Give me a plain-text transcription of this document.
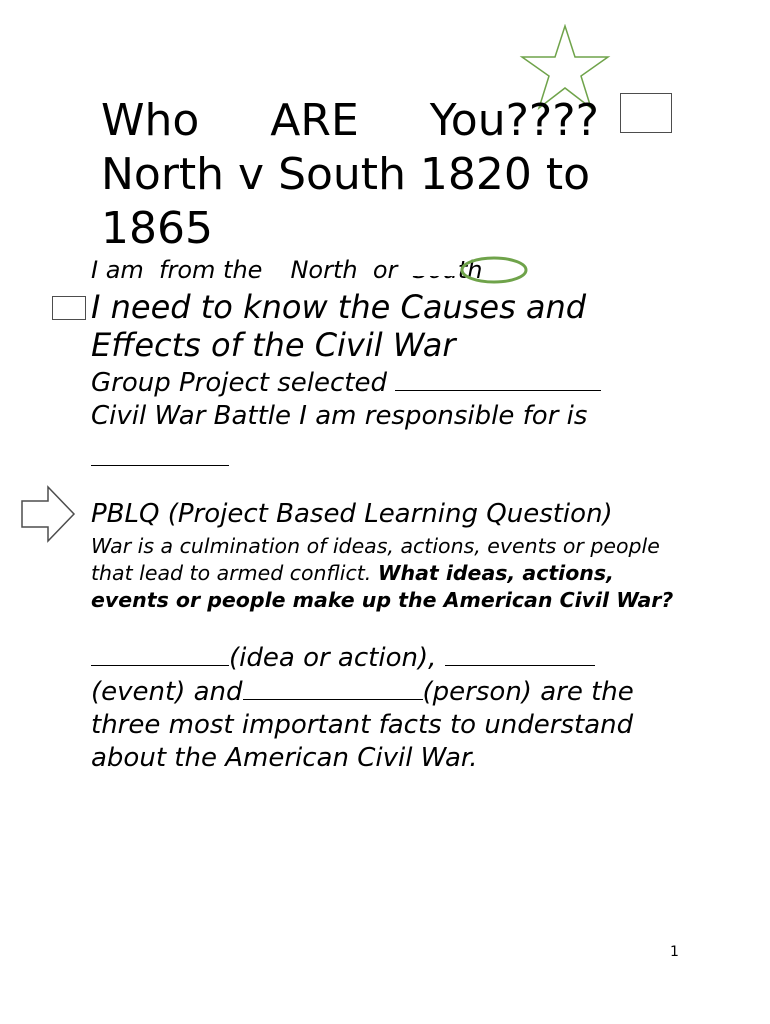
Who ARE You????
North v South 1820 to
1865
I am  from the North or	th
I need to know the Causes and Effects of the Civil War
Group Project selected
Civil War Battle I am responsible for is
PBLQ (Project Based Learning Question)
War is a culmination of ideas, actions, events or people that lead to armed conflict. What ideas, actions, events or people make up the American Civil War?
(idea or action),  (event) and	(person) are the three most important facts to understand about the American Civil War.
1
